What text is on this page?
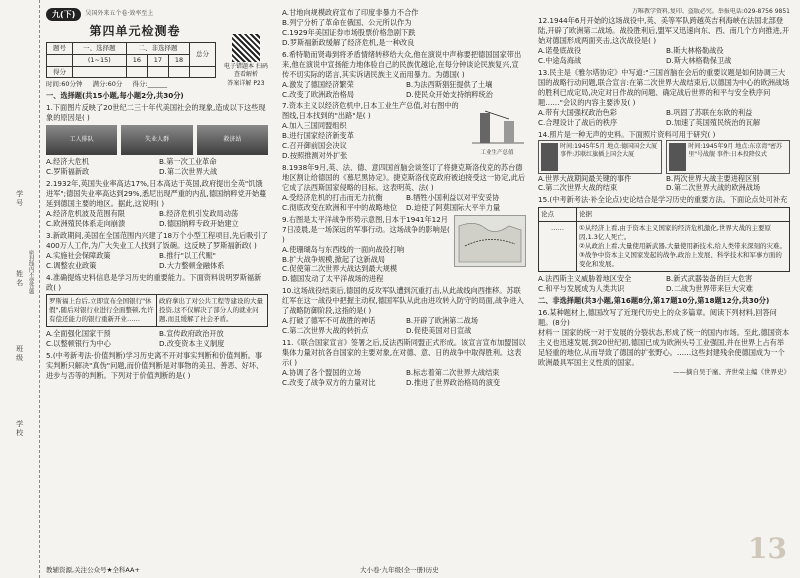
学号
姓名
班级
学校
密封线内不要答题
九(下)	吴国外来五个卷·效率至上
第四单元检测卷
电子错题本 扫码查看解析
答案详解 P23
题号	一、选择题	二、非选择题			总分
	(1~15)	16	17	18	
得分					
时间:60分钟 满分:60分 得分:______
一、选择题(共15小题,每小题2分,共30分)

1.下面图片反映了20世纪二三十年代美国社会的现象,造成以下这些现象的原因是( )

工人排队	失业人群	救济站
A.经济大危机	B.第一次工业革命
C.罗斯福新政	D.第二次世界大战

2.1932年,英国失业率高达17%,日本高达于英国,政府提出全英"饥饿进军";德国失业率高达到29%,悉尼出现严重的内乱,德国纳粹党开始蔓延到德国主要的地区。据此,这说明( )

A.经济危机波及范围有限	B.经济危机引发政局动荡
C.欧洲殖民体系走向崩溃	D.德国纳粹专政开始建立

3.新政期间,美国在全国范围内兴建了18万个小型工程项目,先后吸引了400万人工作,为广大失业工人找到了饭碗。这反映了罗斯福新政( )

A.实施社会保障政策	B.推行"以工代赈"
C.调整农业政策	D.大力整顿金融体系

4.准确提炼史料信息是学习历史的重要能力。下面资料说明罗斯福新政( )

罗斯福上台后,立即宣布全国银行"休假",随后对银行业进行全面整顿,允许有偿还能力的银行重新开业……
政府拿出了对公共工程等建设的大量投资,这不仅解决了部分人的就业问题,而且缓解了社会矛盾。
A.全面强化国家干预	B.宣传政府政治开放
C.以整顿银行为中心	D.改变资本主义制度

5.(中考新考法·价值判断)学习历史离不开对事实判断和价值判断。事实判断只解决"真伪"问题,而价值判断是对事物的美丑、善恶、好坏、进步与否等的判断。下列对于价值判断的是( )

A.甘地向规模政府宣布了印度非暴力不合作

B.列宁分析了革命在俄国、公元所以作为

C.1929年美国证券市场股票价格急剧下跌

D.罗斯福新政缓解了经济危机,是一种改良

6.希特勒而贤毒到将矛盾情绪转移给大众,他在演说中声称要把德国国家带出来,他在演说中宣扬能力地体验自己的民族优越论,在每分钟谈论民族复兴,宣传不切实际的诺言,其实诉诸民族主义而用暴力。为德国( )

A.激发了德国经济繁荣	B.为法西斯猖狂提供了土壤
C.改变了欧洲政治格局	D.使民众开始支持纳粹统治

7.资本主义以经济危机中,日本工业生产总值,对右图中的图线,日本找到的"出路"是( )

A.加入三国同盟组织

B.进行国家经济新变革

C.召开御前国会决议

D.按照推测对外扩张	工业生产总值

8.1938年9月,英、法、德、意四国首脑会谈签订了将捷克斯洛伐克的苏台德地区割让给德国的《慕尼黑协定》。捷克斯洛伐克政府被迫接受这一协定,此后它成了法西斯国家侵略的目标。这表明英、法( )

A.受经济危机的打击而无力抗衡	B.牺牲小国利益以对平安妥协
C.彻底改变在欧洲和平中的战略地位	D.迫使了阿莫国际大平半力量

9.右图是太平洋战争形势示意图,日本于1941年12月7日凌晨,是一场深远的军事行动。这场战争的影响是( )

A.使珊瑚岛与东西线的一面向战役打响

B.扩大战争规模,掀起了这新战局

C.促使第二次世界大战达到最大规模

D.德国发动了太平洋战场的进程

10.这场战役结束后,德国的反攻军队遭到沉重打击,从此战线向西推移。苏联红军在这一战役中把握主动权,德国军队从此由进攻转入防守的局面,战争进入了战略防御阶段,这指的是( )

A.打破了德军不可战胜的神话	B.开辟了欧洲第二战场
C.第二次世界大战的转折点	D.促使美国对日宣战

11.《联合国家宣言》签署之后,反法西斯同盟正式形成。该宣言宣布加盟国以集体力量对抗各自国家的主要对象,在对德、意、日的战争中取得胜利。这表示( )

A.协调了各个盟国的立场	B.标志着第二次世界大战结束
C.改变了战争双方的力量对比	D.推进了世界政治格局的演变
万唯教学资料,复印、盗版必究。举报电话:029-8756 9851

12.1944年6月开始的这场战役中,英、美等军队跨越英吉利海峡在法国北部登陆,开辟了欧洲第二战场。战役胜利后,盟军又迅速向东、西、南几个方向推进,开始对德国形成两面夹击,这次战役是( )

A.诺曼底战役	B.斯大林格勒战役
C.中途岛海战	D.斯大林格勒保卫战

13.民主是《雅尔塔协定》中写道:"三国首脑在会后的重要议题是如何协调三大国的战略行动问题,联合宣言:在第二次世界大战结束后,以德国为中心的欧洲战场的胜利已成定局,决定对日作战的问题、确定战后世界的和平与安全秩序问题……"会议的内容主要涉及( )

A.带有大国强权政治色彩	B.巩固了苏联在东欧的利益
C.合理设计了战后的秩序	D.加速了英国殖民统治的瓦解

14.照片是一种无声的史料。下面照片资料可用于研究( )

时间:1945年5月 地点:德国国会大厦 事件:苏联红旗插上国会大厦
时间:1945年9月 地点:东京湾"密苏里"号战舰 事件:日本投降仪式
A.世界大战期间最关键的事件	B.两次世界大战主要进程区别
C.第二次世界大战的结束	D.第二次世界大战的欧洲战场

15.(中考新考法·补全论点)史论结合是学习历史的重要方法。下面论点处可补充

论点	论据
……	①从经济上看,由于资本主义国家的经济危机激化,世界大战的主要原因,1.3亿人死亡。

②从政治上看,大量使用新武器,大量使用新技术,给人类带来深刻的灾难。

③战争中资本主义国家发起的战争,政治上发展、科学技术和军事方面的变化和发展。

A.法西斯主义威胁着地区安全	B.新式武器装备的巨大危害
C.和平与发展成为人类共识	D.二战为世界带来巨大灾难
二、非选择题(共3小题,第16题8分,第17题10分,第18题12分,共30分)

16.某种题材上,德国改写了近现代历史上的众多篇章。阅读下列材料,回答问题。(8分)

材料一 国家的统一对于发展的分裂状态,形成了统一的国内市场。至此,德国资本主义也迅速发展,到20世纪初,德国已成为欧洲头号工业强国,并在世界上占有举足轻重的地位,从而导致了德国的扩张野心。……这些封建残余使德国成为一个欧洲最具军国主义性质的国家。

——摘自吴于廑、齐世荣主编《世界史》

教辅资源,关注公众号★全科AA+	大小卷·九年级(全一册)历史
13
